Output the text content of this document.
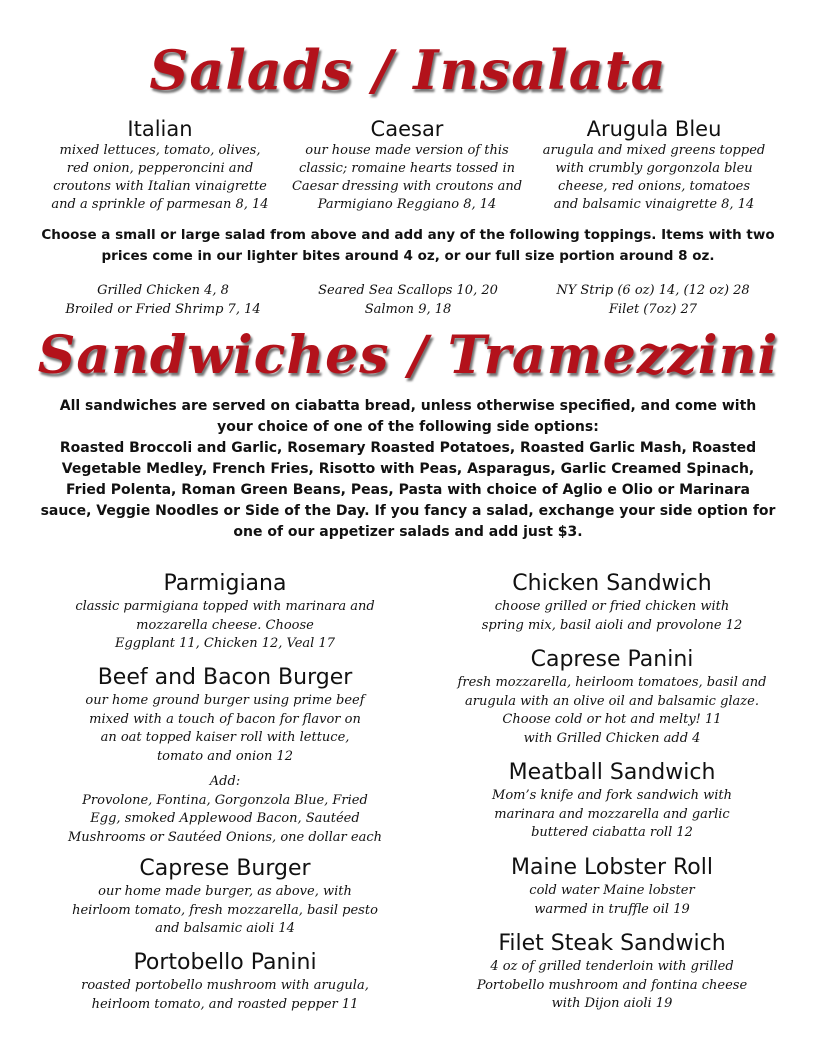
Salads / Insalata
Italian
mixed lettuces, tomato, olives,
red onion, pepperoncini and
croutons with Italian vinaigrette
and a sprinkle of parmesan 8, 14
Caesar
our house made version of this
classic; romaine hearts tossed in
Caesar dressing with croutons and
Parmigiano Reggiano 8, 14
Arugula Bleu
arugula and mixed greens topped
with crumbly gorgonzola bleu
cheese, red onions, tomatoes
and balsamic vinaigrette 8, 14
Choose a small or large salad from above and add any of the following toppings. Items with two prices come in our lighter bites around 4 oz, or our full size portion around 8 oz.
Grilled Chicken 4, 8
Broiled or Fried Shrimp 7, 14
Seared Sea Scallops 10, 20
Salmon 9, 18
NY Strip (6 oz) 14, (12 oz) 28
Filet (7oz) 27
Sandwiches / Tramezzini
All sandwiches are served on ciabatta bread, unless otherwise specified, and come with your choice of one of the following side options:
Roasted Broccoli and Garlic, Rosemary Roasted Potatoes, Roasted Garlic Mash, Roasted Vegetable Medley, French Fries, Risotto with Peas, Asparagus, Garlic Creamed Spinach, Fried Polenta, Roman Green Beans, Peas, Pasta with choice of Aglio e Olio or Marinara sauce, Veggie Noodles or Side of the Day. If you fancy a salad, exchange your side option for one of our appetizer salads and add just $3.
Parmigiana
classic parmigiana topped with marinara and
mozzarella cheese. Choose
Eggplant 11, Chicken 12, Veal 17
Beef and Bacon Burger
our home ground burger using prime beef
mixed with a touch of bacon for flavor on
an oat topped kaiser roll with lettuce,
tomato and onion 12
Add:
Provolone, Fontina, Gorgonzola Blue, Fried
Egg, smoked Applewood Bacon, Sautéed
Mushrooms or Sautéed Onions, one dollar each
Caprese Burger
our home made burger, as above, with
heirloom tomato, fresh mozzarella, basil pesto
and balsamic aioli 14
Portobello Panini
roasted portobello mushroom with arugula,
heirloom tomato, and roasted pepper 11
Chicken Sandwich
choose grilled or fried chicken with
spring mix, basil aioli and provolone 12
Caprese Panini
fresh mozzarella, heirloom tomatoes, basil and
arugula with an olive oil and balsamic glaze.
Choose cold or hot and melty! 11
with Grilled Chicken add 4
Meatball Sandwich
Mom’s knife and fork sandwich with
marinara and mozzarella and garlic
buttered ciabatta roll 12
Maine Lobster Roll
cold water Maine lobster
warmed in truffle oil 19
Filet Steak Sandwich
4 oz of grilled tenderloin with grilled
Portobello mushroom and fontina cheese
with Dijon aioli 19
